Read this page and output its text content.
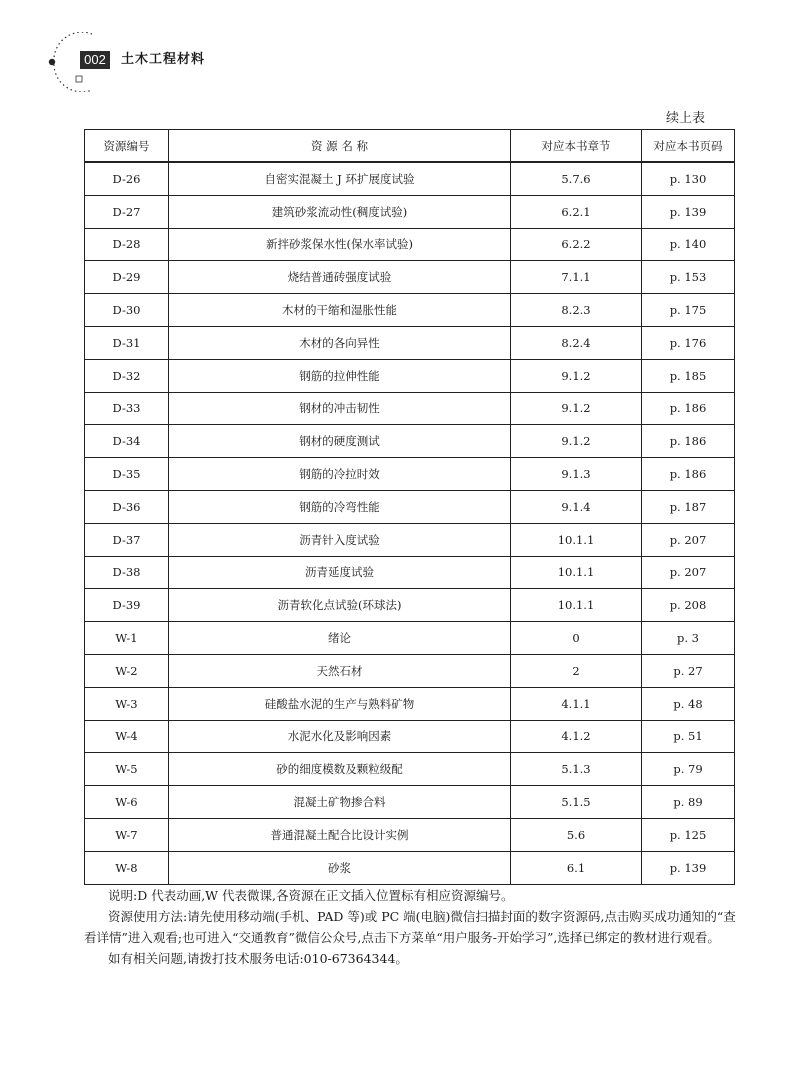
002	土木工程材料
续上表
资源编号	资 源 名 称	对应本书章节	对应本书页码
D-26	自密实混凝土 J 环扩展度试验	5.7.6	p. 130
D-27	建筑砂浆流动性(稠度试验)	6.2.1	p. 139
D-28	新拌砂浆保水性(保水率试验)	6.2.2	p. 140
D-29	烧结普通砖强度试验	7.1.1	p. 153
D-30	木材的干缩和湿胀性能	8.2.3	p. 175
D-31	木材的各向异性	8.2.4	p. 176
D-32	钢筋的拉伸性能	9.1.2	p. 185
D-33	钢材的冲击韧性	9.1.2	p. 186
D-34	钢材的硬度测试	9.1.2	p. 186
D-35	钢筋的冷拉时效	9.1.3	p. 186
D-36	钢筋的冷弯性能	9.1.4	p. 187
D-37	沥青针入度试验	10.1.1	p. 207
D-38	沥青延度试验	10.1.1	p. 207
D-39	沥青软化点试验(环球法)	10.1.1	p. 208
W-1	绪论	0	p. 3
W-2	天然石材	2	p. 27
W-3	硅酸盐水泥的生产与熟料矿物	4.1.1	p. 48
W-4	水泥水化及影响因素	4.1.2	p. 51
W-5	砂的细度模数及颗粒级配	5.1.3	p. 79
W-6	混凝土矿物掺合料	5.1.5	p. 89
W-7	普通混凝土配合比设计实例	5.6	p. 125
W-8	砂浆	6.1	p. 139

说明:D 代表动画,W 代表微课,各资源在正文插入位置标有相应资源编号。

资源使用方法:请先使用移动端(手机、PAD 等)或 PC 端(电脑)微信扫描封面的数字资源码,点击购买成功通知的“查看详情”进入观看;也可进入“交通教育”微信公众号,点击下方菜单“用户服务-开始学习”,选择已绑定的教材进行观看。

如有相关问题,请拨打技术服务电话:010-67364344。
